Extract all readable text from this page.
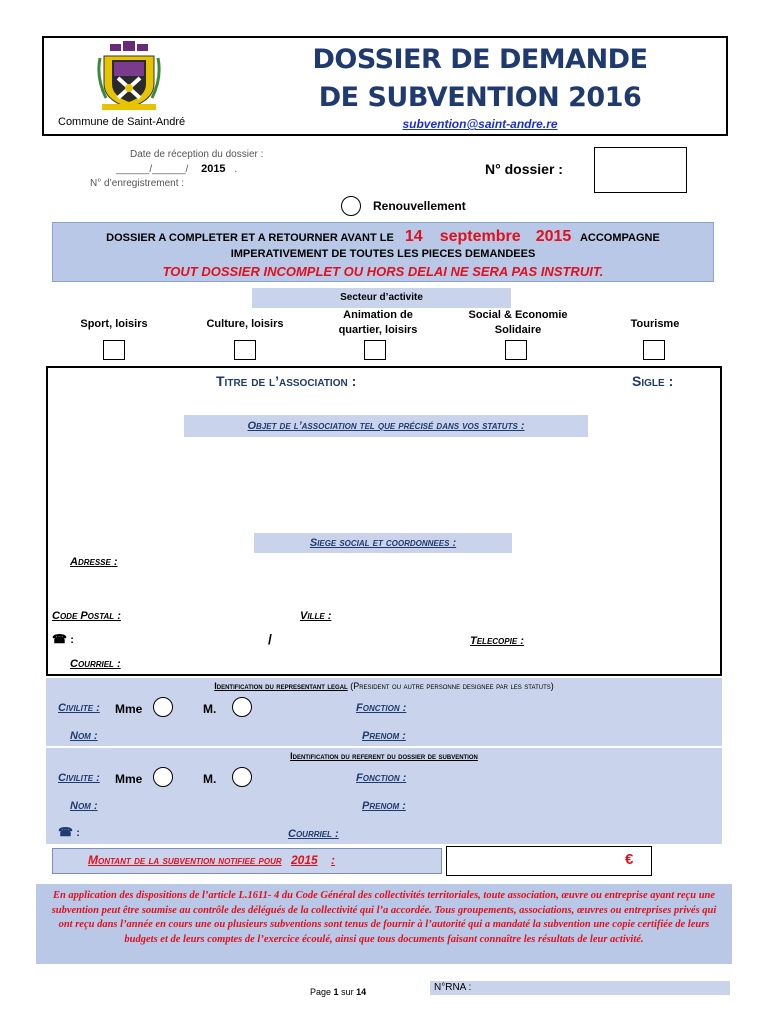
Commune de Saint-André
DOSSIER DE DEMANDE
DE SUBVENTION 2016
subvention@saint-andre.re
Date de réception du dossier :
______/______/ 2015 .
N° d’enregistrement :
N° dossier :
Renouvellement
DOSSIER A COMPLETER ET A RETOURNER AVANT LE 14 septembre 2015 ACCOMPAGNE
IMPERATIVEMENT DE TOUTES LES PIECES DEMANDEES
TOUT DOSSIER INCOMPLET OU HORS DELAI NE SERA PAS INSTRUIT.
Secteur d’activite
Sport, loisirs	Culture, loisirs
Animation de quartier, loisirs
Social & Economie Solidaire	Tourisme
Titre de l’association :	Sigle :
Objet de l’association tel que précisé dans vos statuts :
Siege social et coordonnees :
Adresse :
Code Postal :	Ville :
☎ :	/	Telecopie :
Courriel :
Identification du representant legal (President ou autre personne designee par les statuts)
Civilite : Mme	M.	Fonction :
Nom :	Prenom :
Identification du referent du dossier de subvention
Civilite : Mme	M.	Fonction :
Nom :	Prenom :
☎ :	Courriel :
Montant de la subvention notifiee pour 2015 :	€
En application des dispositions de l’article L.1611- 4 du Code Général des collectivités territoriales, toute association, œuvre ou entreprise ayant reçu une subvention peut être soumise au contrôle des délégués de la collectivité qui l’a accordée. Tous groupements, associations, œuvres ou entreprises privés qui ont reçu dans l’année en cours une ou plusieurs subventions sont tenus de fournir à l’autorité qui a mandaté la subvention une copie certifiée de leurs budgets et de leurs comptes de l’exercice écoulé, ainsi que tous documents faisant connaître les résultats de leur activité.
Page 1 sur 14	N°RNA :
